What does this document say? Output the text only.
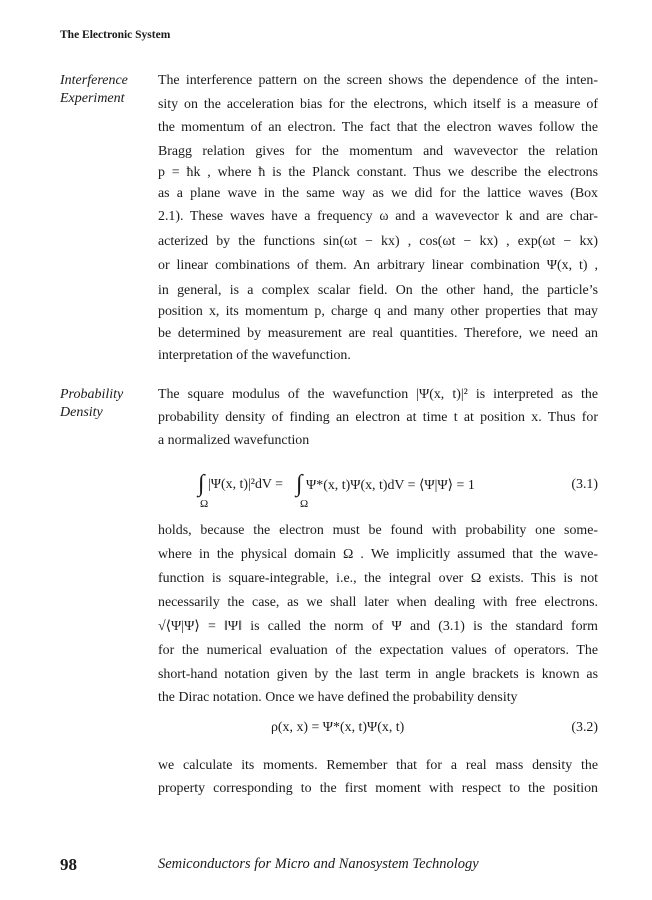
The Electronic System
Interference
Experiment
The interference pattern on the screen shows the dependence of the inten-
sity on the acceleration bias for the electrons, which itself is a measure of
the momentum of an electron. The fact that the electron waves follow the
Bragg relation gives for the momentum and wavevector the relation
p = ħk , where ħ is the Planck constant. Thus we describe the electrons
as a plane wave in the same way as we did for the lattice waves (Box
2.1). These waves have a frequency ω and a wavevector k and are char-
acterized by the functions sin(ωt − kx) , cos(ωt − kx) , exp(ωt − kx)
or linear combinations of them. An arbitrary linear combination Ψ(x, t) ,
in general, is a complex scalar field. On the other hand, the particle’s
position x, its momentum p, charge q and many other properties that may
be determined by measurement are real quantities. Therefore, we need an
interpretation of the wavefunction.
Probability
Density
The square modulus of the wavefunction |Ψ(x, t)|² is interpreted as the
probability density of finding an electron at time t at position x. Thus for
a normalized wavefunction
∫
Ω
|Ψ(x, t)|²dV = ∫
Ω
Ψ*(x, t)Ψ(x, t)dV = ⟨Ψ|Ψ⟩ = 1	(3.1)
holds, because the electron must be found with probability one some-
where in the physical domain Ω . We implicitly assumed that the wave-
function is square-integrable, i.e., the integral over Ω exists. This is not
necessarily the case, as we shall later when dealing with free electrons.
√⟨Ψ|Ψ⟩ = ‖Ψ‖ is called the norm of Ψ and (3.1) is the standard form
for the numerical evaluation of the expectation values of operators. The
short-hand notation given by the last term in angle brackets is known as
the Dirac notation. Once we have defined the probability density
ρ(x, x) = Ψ*(x, t)Ψ(x, t)	(3.2)
we calculate its moments. Remember that for a real mass density the
property corresponding to the first moment with respect to the position
98	Semiconductors for Micro and Nanosystem Technology
